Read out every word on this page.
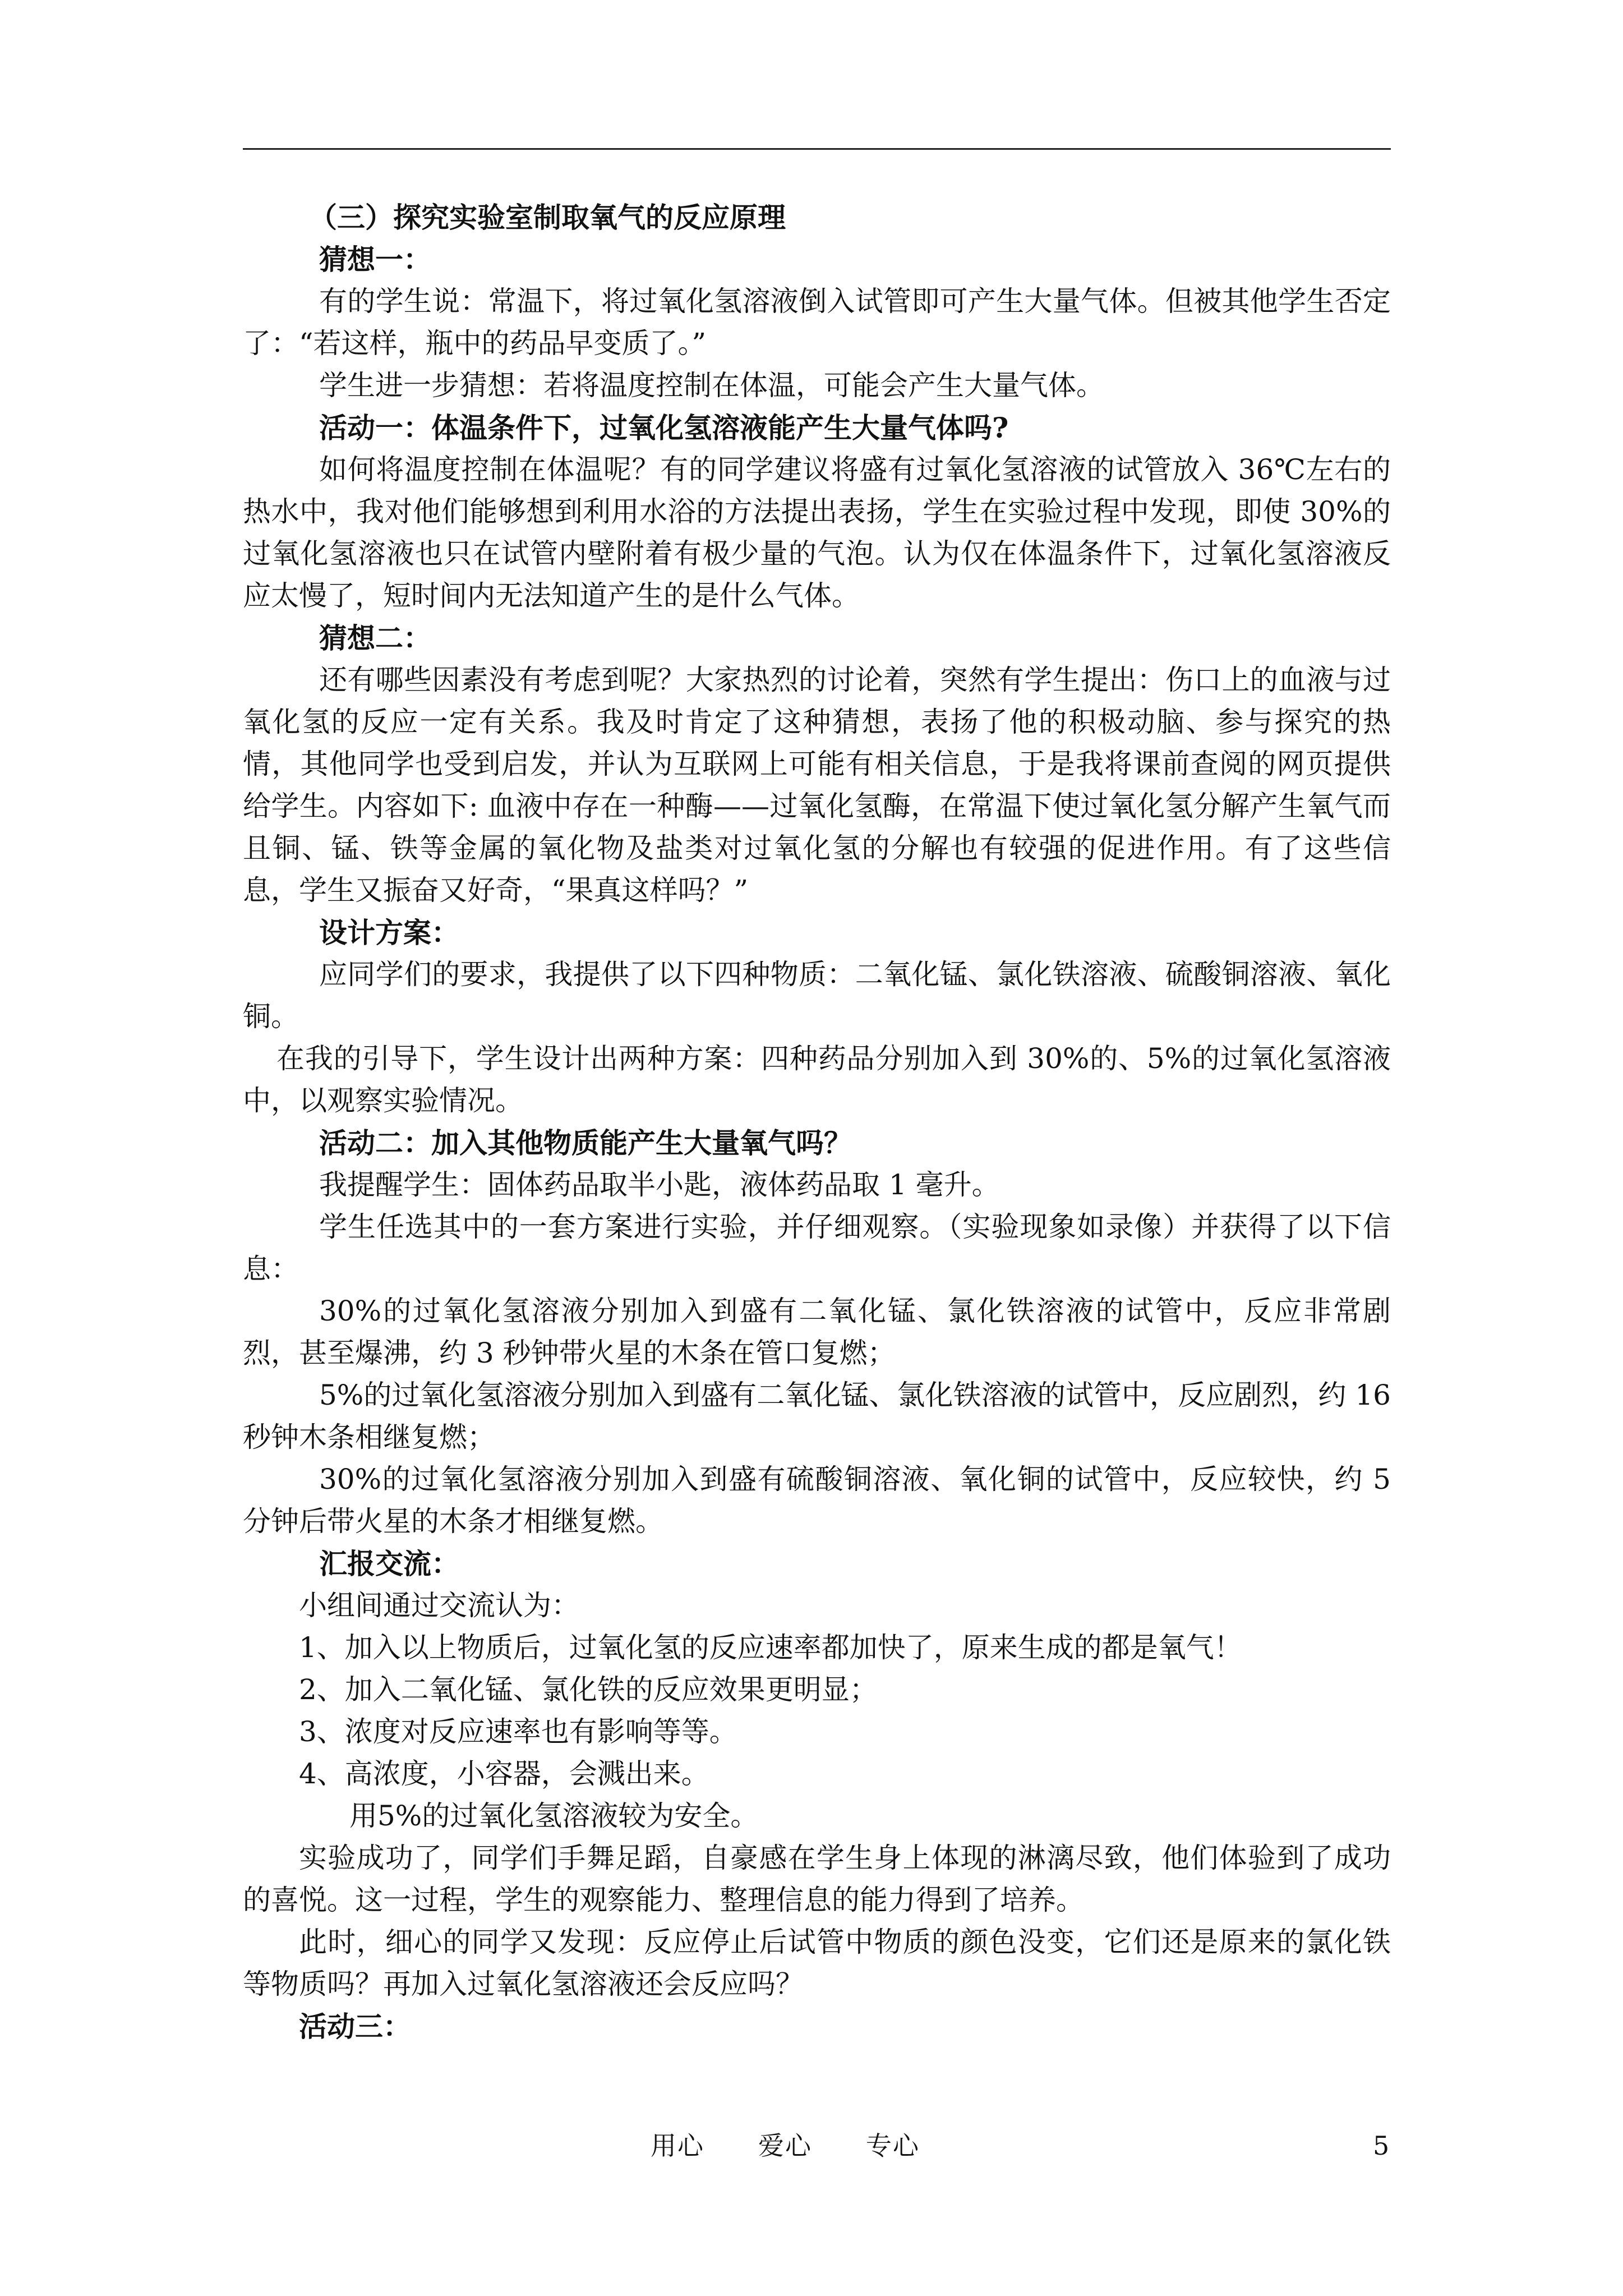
（三）探究实验室制取氧气的反应原理

猜想一：

有的学生说：常温下，将过氧化氢溶液倒入试管即可产生大量气体。但被其他学生否定了：“若这样，瓶中的药品早变质了。”

学生进一步猜想：若将温度控制在体温，可能会产生大量气体。

活动一：体温条件下，过氧化氢溶液能产生大量气体吗?

如何将温度控制在体温呢？有的同学建议将盛有过氧化氢溶液的试管放入 36℃左右的热水中，我对他们能够想到利用水浴的方法提出表扬，学生在实验过程中发现，即使 30%的过氧化氢溶液也只在试管内壁附着有极少量的气泡。认为仅在体温条件下，过氧化氢溶液反应太慢了，短时间内无法知道产生的是什么气体。

猜想二：

还有哪些因素没有考虑到呢？大家热烈的讨论着，突然有学生提出：伤口上的血液与过氧化氢的反应一定有关系。我及时肯定了这种猜想，表扬了他的积极动脑、参与探究的热情，其他同学也受到启发，并认为互联网上可能有相关信息，于是我将课前查阅的网页提供给学生。内容如下: 血液中存在一种酶——过氧化氢酶，在常温下使过氧化氢分解产生氧气而且铜、锰、铁等金属的氧化物及盐类对过氧化氢的分解也有较强的促进作用。有了这些信息，学生又振奋又好奇，“果真这样吗？”

设计方案：

应同学们的要求，我提供了以下四种物质：二氧化锰、氯化铁溶液、硫酸铜溶液、氧化铜。

在我的引导下，学生设计出两种方案：四种药品分别加入到 30%的、5%的过氧化氢溶液中，以观察实验情况。

活动二：加入其他物质能产生大量氧气吗？

我提醒学生：固体药品取半小匙，液体药品取 1 毫升。

学生任选其中的一套方案进行实验，并仔细观察。（实验现象如录像）并获得了以下信息：

30%的过氧化氢溶液分别加入到盛有二氧化锰、氯化铁溶液的试管中，反应非常剧烈，甚至爆沸，约 3 秒钟带火星的木条在管口复燃；

5%的过氧化氢溶液分别加入到盛有二氧化锰、氯化铁溶液的试管中，反应剧烈，约 16 秒钟木条相继复燃；

30%的过氧化氢溶液分别加入到盛有硫酸铜溶液、氧化铜的试管中，反应较快，约 5 分钟后带火星的木条才相继复燃。

汇报交流：

小组间通过交流认为：

1、加入以上物质后，过氧化氢的反应速率都加快了，原来生成的都是氧气！

2、加入二氧化锰、氯化铁的反应效果更明显；

3、浓度对反应速率也有影响等等。

4、高浓度，小容器，会溅出来。

用5%的过氧化氢溶液较为安全。

实验成功了，同学们手舞足蹈，自豪感在学生身上体现的淋漓尽致，他们体验到了成功的喜悦。这一过程，学生的观察能力、整理信息的能力得到了培养。

此时，细心的同学又发现：反应停止后试管中物质的颜色没变，它们还是原来的氯化铁等物质吗？再加入过氧化氢溶液还会反应吗？

活动三：

用心　　爱心　　专心	5
